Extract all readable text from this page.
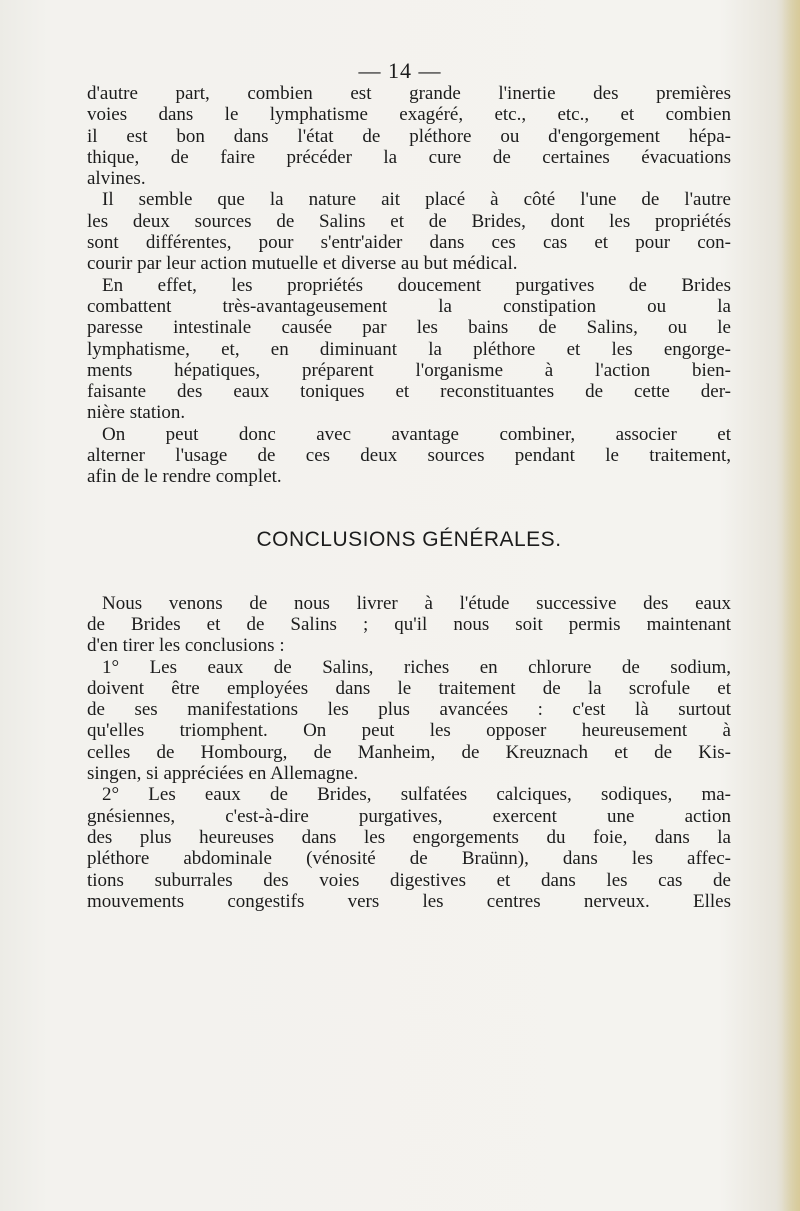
— 14 —
d'autre part, combien est grande l'inertie des premières
voies dans le lymphatisme exagéré, etc., etc., et combien
il est bon dans l'état de pléthore ou d'engorgement hépa-
thique, de faire précéder la cure de certaines évacuations
alvines.
Il semble que la nature ait placé à côté l'une de l'autre
les deux sources de Salins et de Brides, dont les propriétés
sont différentes, pour s'entr'aider dans ces cas et pour con-
courir par leur action mutuelle et diverse au but médical.
En effet, les propriétés doucement purgatives de Brides
combattent très-avantageusement la constipation ou la
paresse intestinale causée par les bains de Salins, ou le
lymphatisme, et, en diminuant la pléthore et les engorge-
ments hépatiques, préparent l'organisme à l'action bien-
faisante des eaux toniques et reconstituantes de cette der-
nière station.
On peut donc avec avantage combiner, associer et
alterner l'usage de ces deux sources pendant le traitement,
afin de le rendre complet.
CONCLUSIONS GÉNÉRALES.
Nous venons de nous livrer à l'étude successive des eaux
de Brides et de Salins ; qu'il nous soit permis maintenant
d'en tirer les conclusions :
1° Les eaux de Salins, riches en chlorure de sodium,
doivent être employées dans le traitement de la scrofule et
de ses manifestations les plus avancées : c'est là surtout
qu'elles triomphent. On peut les opposer heureusement à
celles de Hombourg, de Manheim, de Kreuznach et de Kis-
singen, si appréciées en Allemagne.
2° Les eaux de Brides, sulfatées calciques, sodiques, ma-
gnésiennes, c'est-à-dire purgatives, exercent une action
des plus heureuses dans les engorgements du foie, dans la
pléthore abdominale (vénosité de Braünn), dans les affec-
tions suburrales des voies digestives et dans les cas de
mouvements congestifs vers les centres nerveux. Elles
